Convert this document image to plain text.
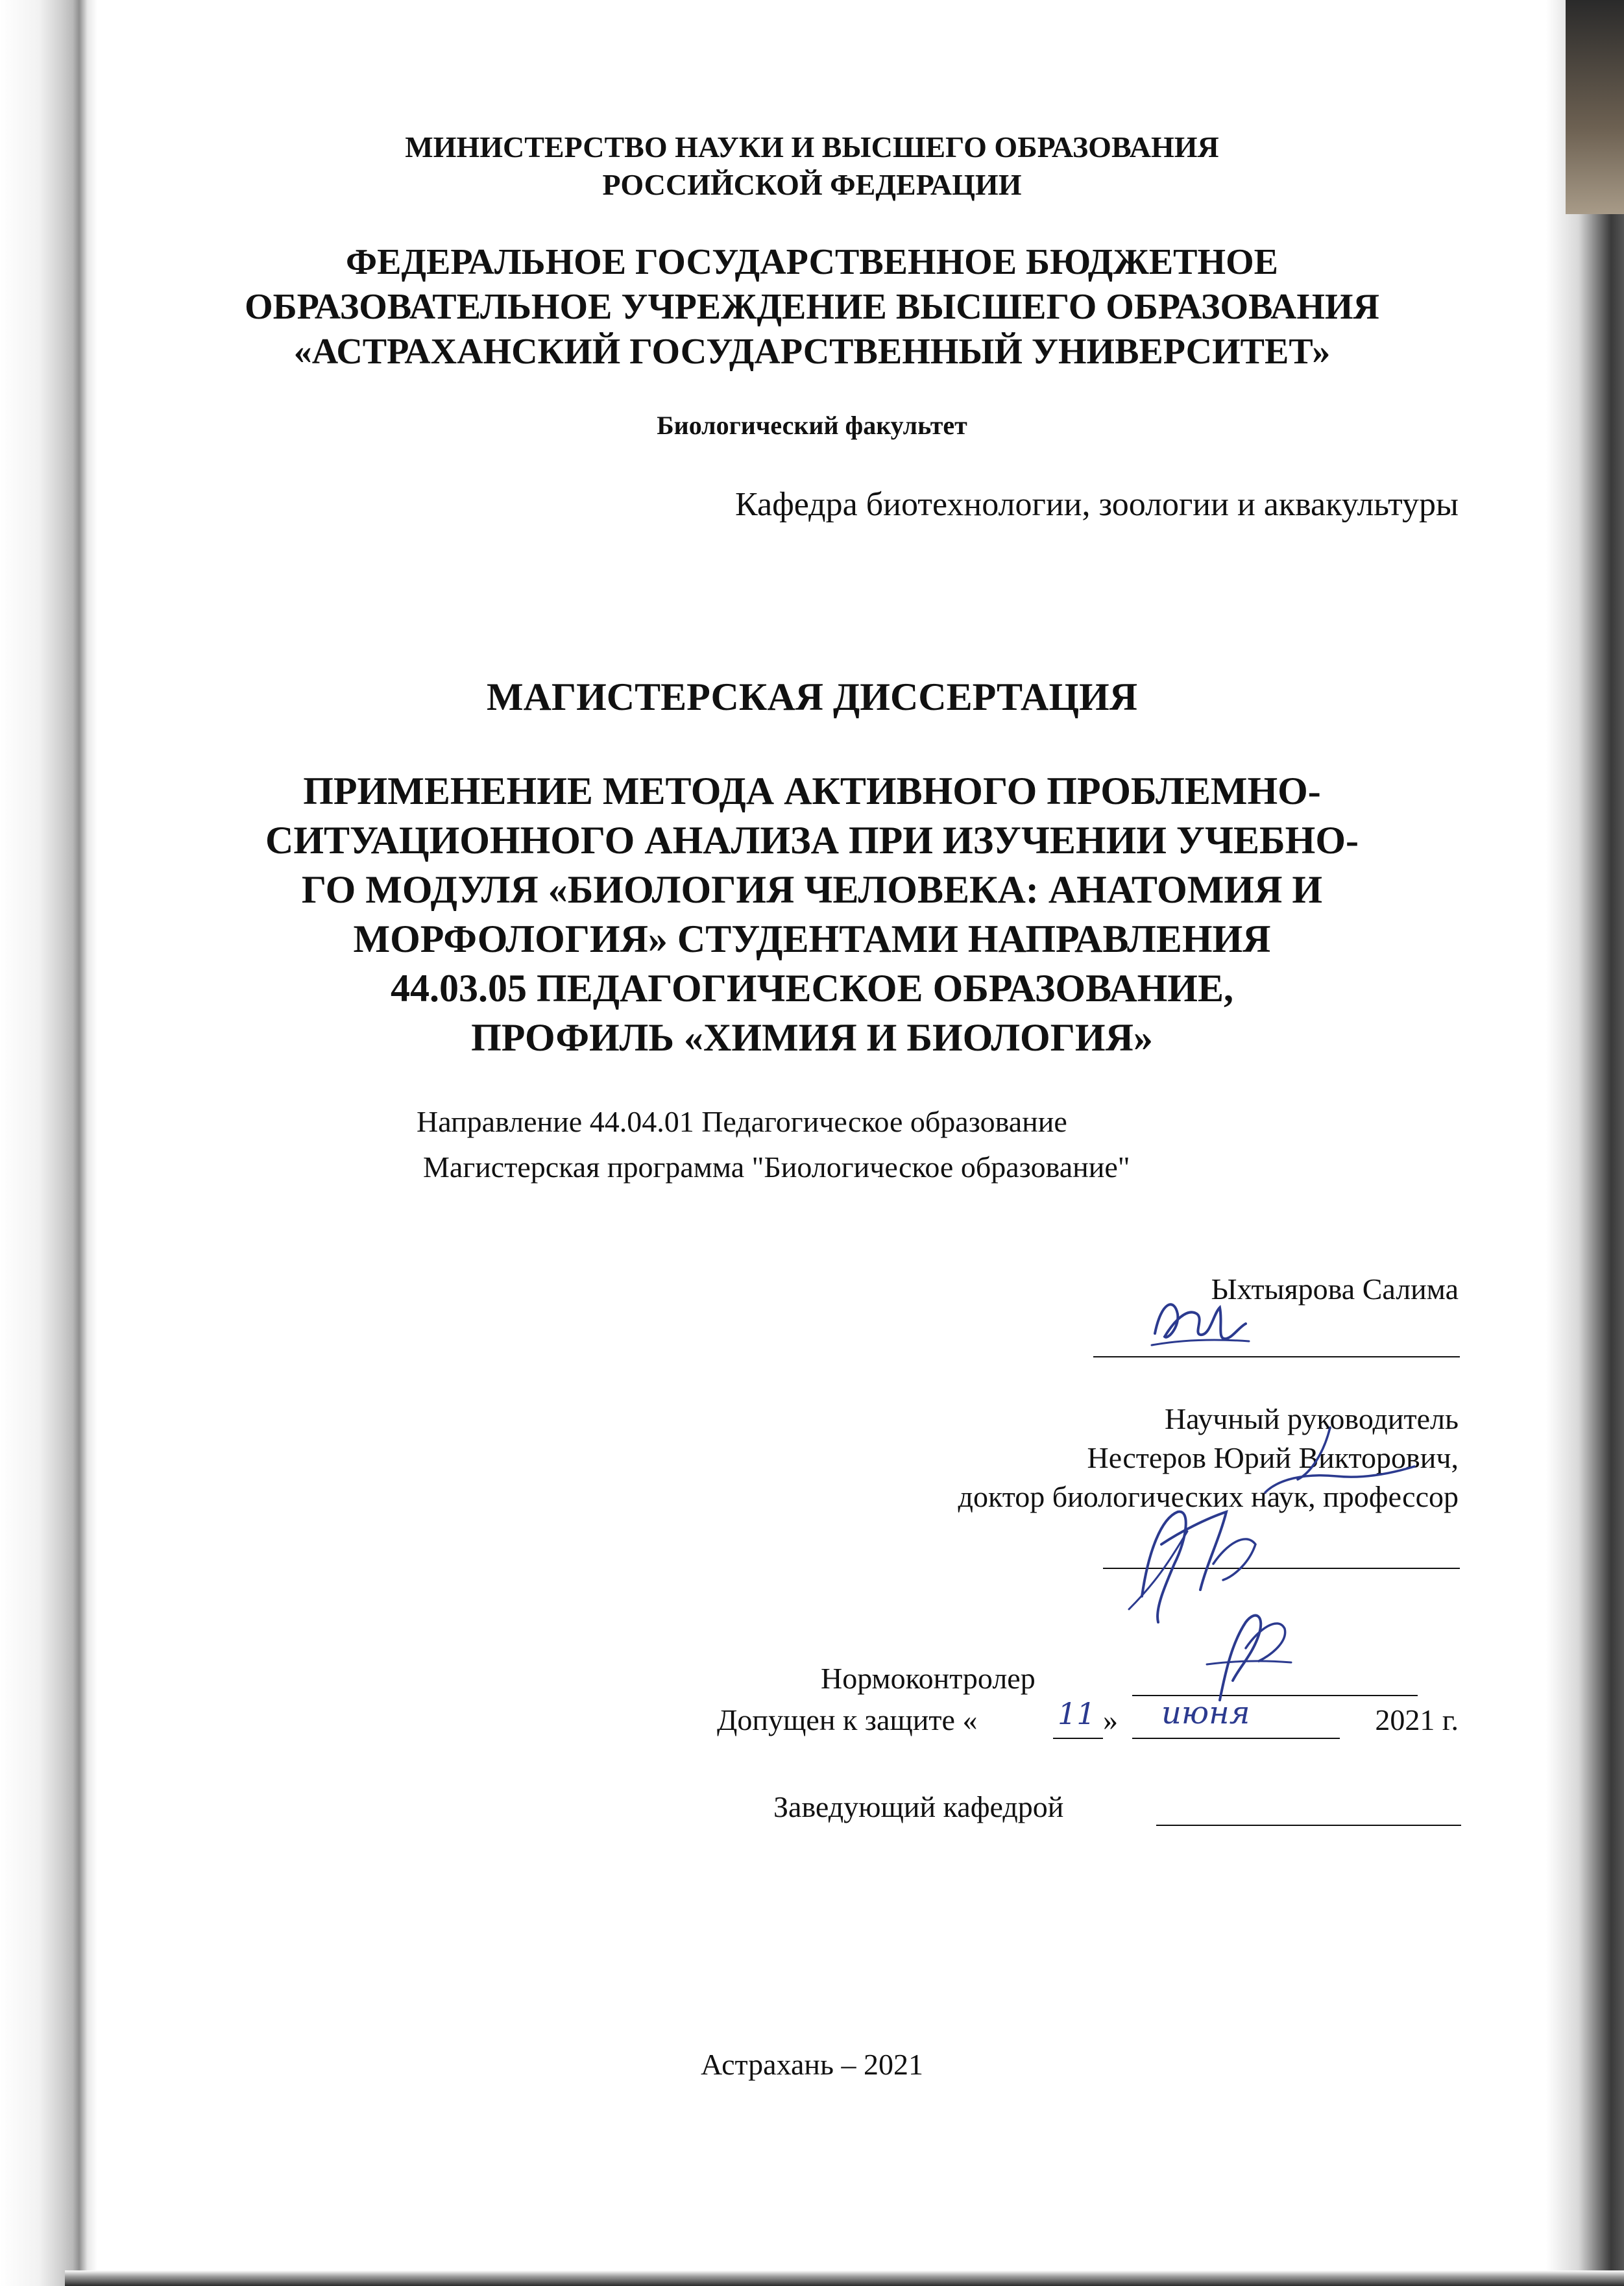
МИНИСТЕРСТВО НАУКИ И ВЫСШЕГО ОБРАЗОВАНИЯ
РОССИЙСКОЙ ФЕДЕРАЦИИ
ФЕДЕРАЛЬНОЕ ГОСУДАРСТВЕННОЕ БЮДЖЕТНОЕ
ОБРАЗОВАТЕЛЬНОЕ УЧРЕЖДЕНИЕ ВЫСШЕГО ОБРАЗОВАНИЯ
«АСТРАХАНСКИЙ ГОСУДАРСТВЕННЫЙ УНИВЕРСИТЕТ»
Биологический факультет
Кафедра биотехнологии, зоологии и аквакультуры
МАГИСТЕРСКАЯ ДИССЕРТАЦИЯ
ПРИМЕНЕНИЕ МЕТОДА АКТИВНОГО ПРОБЛЕМНО-
СИТУАЦИОННОГО АНАЛИЗА ПРИ ИЗУЧЕНИИ УЧЕБНО-
ГО МОДУЛЯ «БИОЛОГИЯ ЧЕЛОВЕКА: АНАТОМИЯ И
МОРФОЛОГИЯ» СТУДЕНТАМИ НАПРАВЛЕНИЯ
44.03.05 ПЕДАГОГИЧЕСКОЕ ОБРАЗОВАНИЕ,
ПРОФИЛЬ «ХИМИЯ И БИОЛОГИЯ»
Направление 44.04.01 Педагогическое образование
Магистерская программа "Биологическое образование"
Ыхтыярова Салима
Научный руководитель
Нестеров Юрий Викторович,
доктор биологических наук, профессор
Нормоконтролер
Допущен к защите «	11 » июня	2021 г.
Заведующий кафедрой
Астрахань – 2021
